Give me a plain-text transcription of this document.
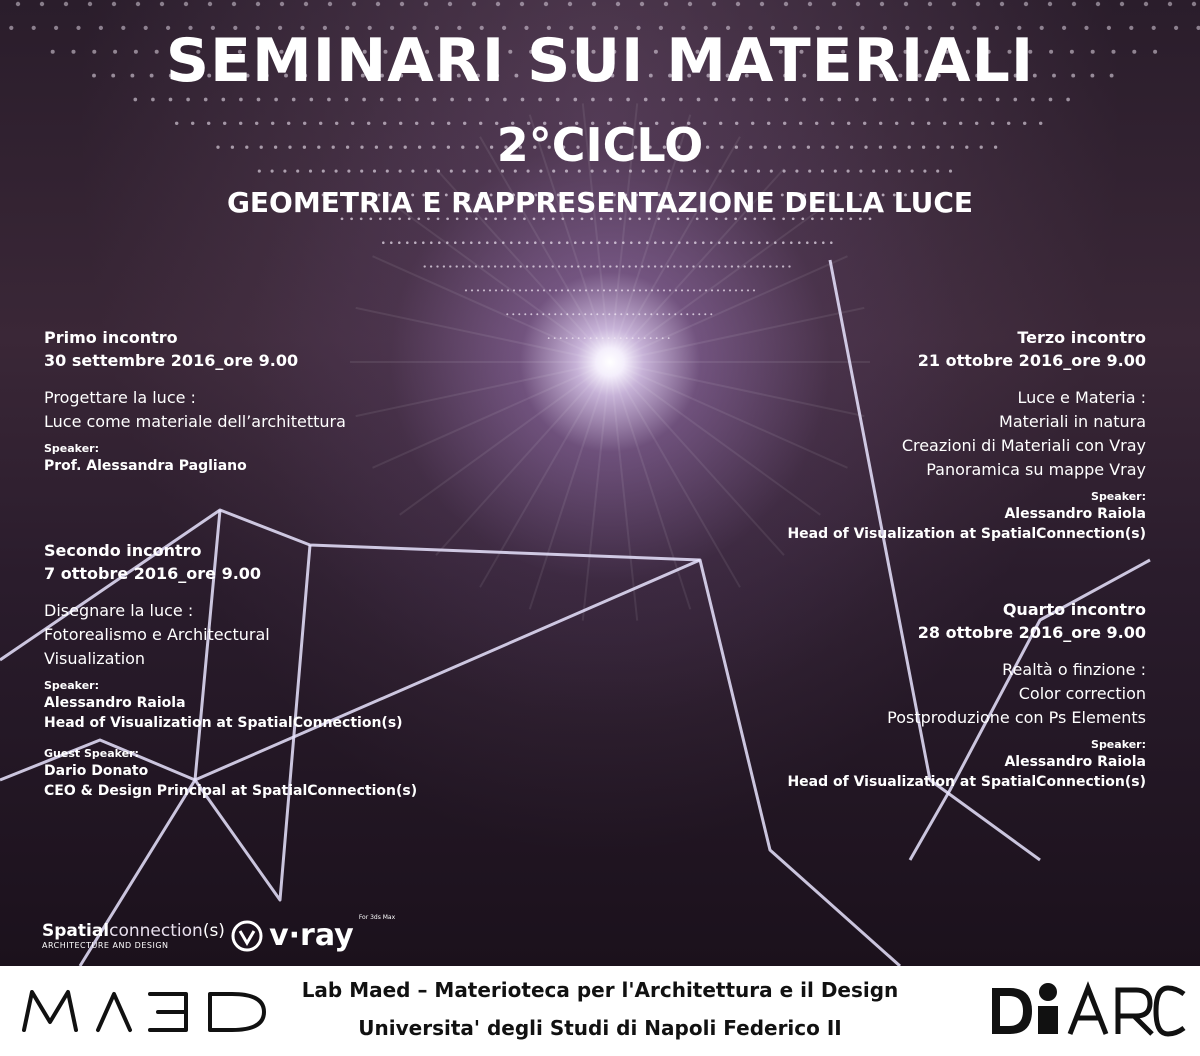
SEMINARI SUI MATERIALI
2°CICLO
GEOMETRIA E RAPPRESENTAZIONE DELLA LUCE
Primo incontro
30 settembre 2016_ore 9.00
Progettare la luce :
Luce come materiale dell’architettura
Speaker:
Prof. Alessandra Pagliano
Secondo incontro
7 ottobre 2016_ore 9.00
Disegnare la luce :
Fotorealismo e Architectural
Visualization
Speaker:
Alessandro Raiola
Head of Visualization at SpatialConnection(s)
Guest Speaker:
Dario Donato
CEO & Design Principal at SpatialConnection(s)
Terzo incontro
21 ottobre 2016_ore 9.00
Luce e Materia :
Materiali in natura
Creazioni di Materiali con Vray
Panoramica su mappe Vray
Speaker:
Alessandro Raiola
Head of Visualization at SpatialConnection(s)
Quarto incontro
28 ottobre 2016_ore 9.00
Realtà o finzione :
Color correction
Postproduzione con Ps Elements
Speaker:
Alessandro Raiola
Head of Visualization at SpatialConnection(s)
Spatialconnection(s)
ARCHITECTURE AND DESIGN	v·ray $^{For 3ds Max}$
Lab Maed – Materioteca per l'Architettura e il Design
Universita' degli Studi di Napoli Federico II
